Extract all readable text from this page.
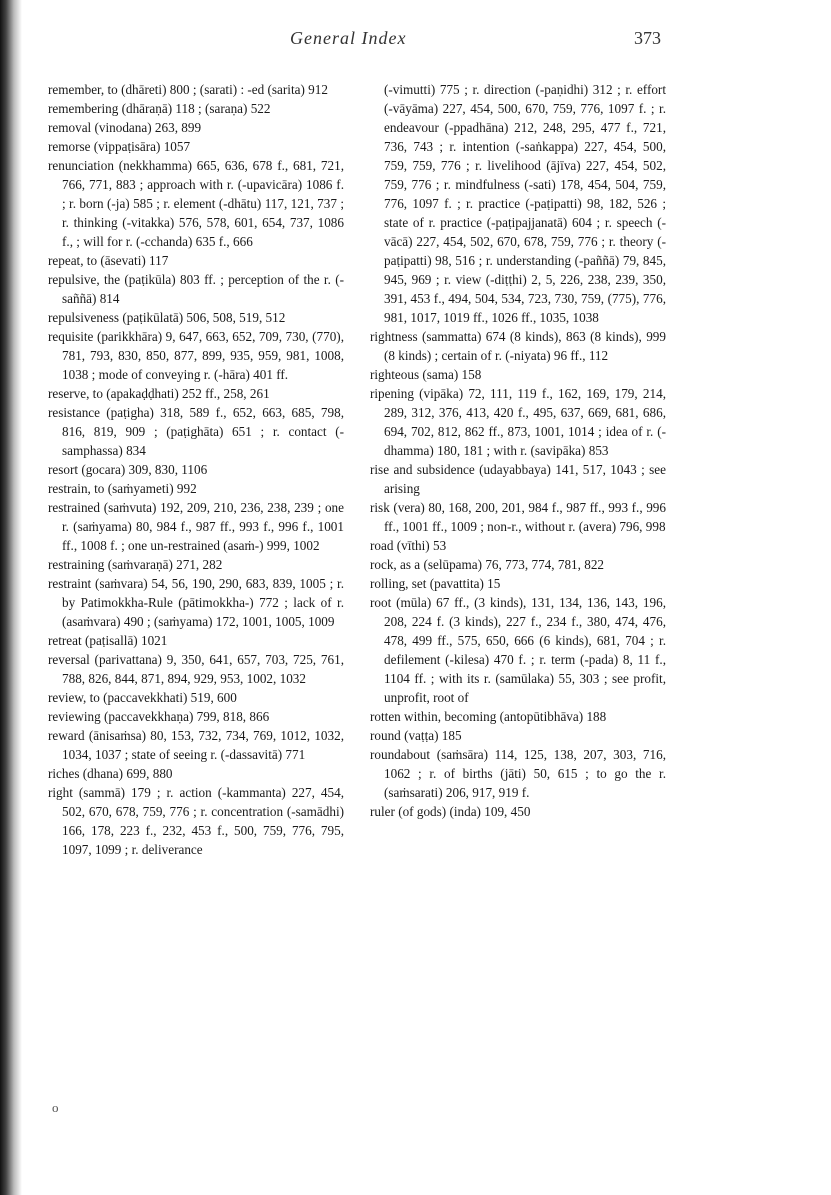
General Index	373

remember, to (dhāreti) 800 ; (sarati) : -ed (sarita) 912

remembering (dhāraṇā) 118 ; (saraṇa) 522

removal (vinodana) 263, 899

remorse (vippaṭisāra) 1057

renunciation (nekkhamma) 665, 636, 678 f., 681, 721, 766, 771, 883 ; approach with r. (-upavicāra) 1086 f. ; r. born (-ja) 585 ; r. element (-dhātu) 117, 121, 737 ; r. thinking (-vitakka) 576, 578, 601, 654, 737, 1086 f., ; will for r. (-cchanda) 635 f., 666

repeat, to (āsevati) 117

repulsive, the (paṭikūla) 803 ff. ; perception of the r. (-saññā) 814

repulsiveness (paṭikūlatā) 506, 508, 519, 512

requisite (parikkhāra) 9, 647, 663, 652, 709, 730, (770), 781, 793, 830, 850, 877, 899, 935, 959, 981, 1008, 1038 ; mode of conveying r. (-hāra) 401 ff.

reserve, to (apakaḍḍhati) 252 ff., 258, 261

resistance (paṭigha) 318, 589 f., 652, 663, 685, 798, 816, 819, 909 ; (paṭighāta) 651 ; r. contact (-samphassa) 834

resort (gocara) 309, 830, 1106

restrain, to (saṁyameti) 992

restrained (saṁvuta) 192, 209, 210, 236, 238, 239 ; one r. (saṁyama) 80, 984 f., 987 ff., 993 f., 996 f., 1001 ff., 1008 f. ; one un-restrained (asaṁ-) 999, 1002

restraining (saṁvaraṇā) 271, 282

restraint (saṁvara) 54, 56, 190, 290, 683, 839, 1005 ; r. by Patimokkha-Rule (pātimokkha-) 772 ; lack of r. (asaṁvara) 490 ; (saṁyama) 172, 1001, 1005, 1009

retreat (paṭisallā) 1021

reversal (parivattana) 9, 350, 641, 657, 703, 725, 761, 788, 826, 844, 871, 894, 929, 953, 1002, 1032

review, to (paccavekkhati) 519, 600

reviewing (paccavekkhaṇa) 799, 818, 866

reward (ānisaṁsa) 80, 153, 732, 734, 769, 1012, 1032, 1034, 1037 ; state of seeing r. (-dassavitā) 771

riches (dhana) 699, 880

right (sammā) 179 ; r. action (-kammanta) 227, 454, 502, 670, 678, 759, 776 ; r. concentration (-samādhi) 166, 178, 223 f., 232, 453 f., 500, 759, 776, 795, 1097, 1099 ; r. deliverance

(-vimutti) 775 ; r. direction (-paṇidhi) 312 ; r. effort (-vāyāma) 227, 454, 500, 670, 759, 776, 1097 f. ; r. endeavour (-ppadhāna) 212, 248, 295, 477 f., 721, 736, 743 ; r. intention (-saṅkappa) 227, 454, 500, 759, 759, 776 ; r. livelihood (ājīva) 227, 454, 502, 759, 776 ; r. mindfulness (-sati) 178, 454, 504, 759, 776, 1097 f. ; r. practice (-paṭipatti) 98, 182, 526 ; state of r. practice (-paṭipajjanatā) 604 ; r. speech (-vācā) 227, 454, 502, 670, 678, 759, 776 ; r. theory (-paṭipatti) 98, 516 ; r. understanding (-paññā) 79, 845, 945, 969 ; r. view (-diṭṭhi) 2, 5, 226, 238, 239, 350, 391, 453 f., 494, 504, 534, 723, 730, 759, (775), 776, 981, 1017, 1019 ff., 1026 ff., 1035, 1038

rightness (sammatta) 674 (8 kinds), 863 (8 kinds), 999 (8 kinds) ; certain of r. (-niyata) 96 ff., 112

righteous (sama) 158

ripening (vipāka) 72, 111, 119 f., 162, 169, 179, 214, 289, 312, 376, 413, 420 f., 495, 637, 669, 681, 686, 694, 702, 812, 862 ff., 873, 1001, 1014 ; idea of r. (-dhamma) 180, 181 ; with r. (savipāka) 853

rise and subsidence (udayabbaya) 141, 517, 1043 ; see arising

risk (vera) 80, 168, 200, 201, 984 f., 987 ff., 993 f., 996 ff., 1001 ff., 1009 ; non-r., without r. (avera) 796, 998

road (vīthi) 53

rock, as a (selūpama) 76, 773, 774, 781, 822

rolling, set (pavattita) 15

root (mūla) 67 ff., (3 kinds), 131, 134, 136, 143, 196, 208, 224 f. (3 kinds), 227 f., 234 f., 380, 474, 476, 478, 499 ff., 575, 650, 666 (6 kinds), 681, 704 ; r. defilement (-kilesa) 470 f. ; r. term (-pada) 8, 11 f., 1104 ff. ; with its r. (samūlaka) 55, 303 ; see profit, unprofit, root of

rotten within, becoming (antopūtibhāva) 188

round (vaṭṭa) 185

roundabout (saṁsāra) 114, 125, 138, 207, 303, 716, 1062 ; r. of births (jāti) 50, 615 ; to go the r. (saṁsarati) 206, 917, 919 f.

ruler (of gods) (inda) 109, 450

o
